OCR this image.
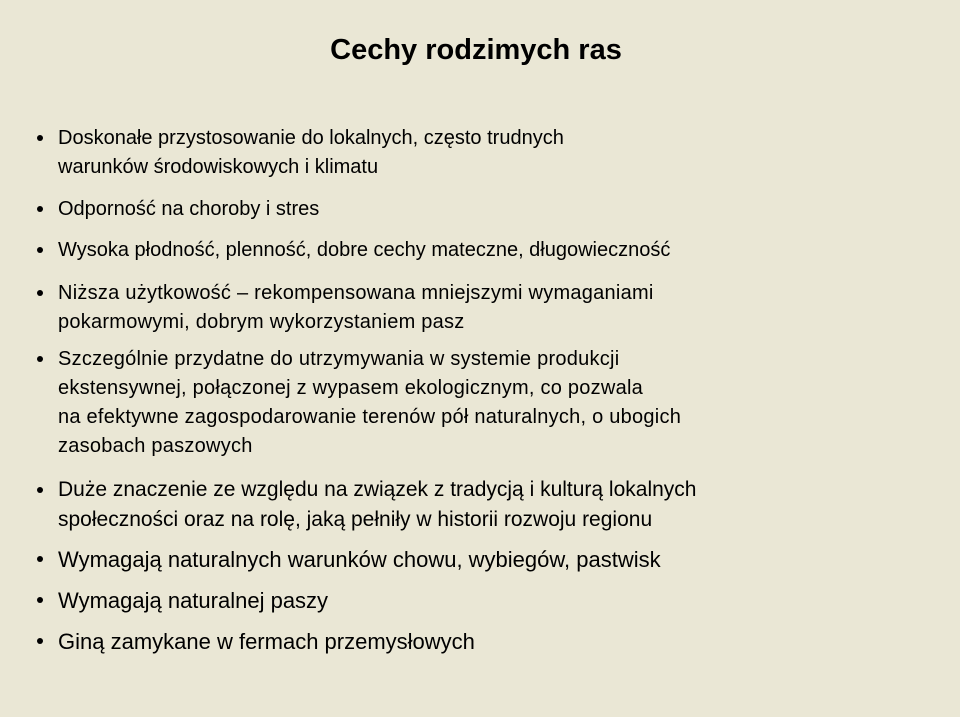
Cechy rodzimych ras
Doskonałe przystosowanie do lokalnych, często trudnych
warunków środowiskowych i klimatu
Odporność na choroby i stres
Wysoka płodność, plenność, dobre cechy mateczne, długowieczność
Niższa użytkowość – rekompensowana mniejszymi wymaganiami
pokarmowymi, dobrym wykorzystaniem pasz
Szczególnie przydatne do utrzymywania w systemie produkcji
ekstensywnej, połączonej z wypasem ekologicznym, co pozwala
na efektywne zagospodarowanie terenów pół naturalnych, o ubogich
zasobach paszowych
Duże znaczenie ze względu na związek z tradycją i kulturą lokalnych
społeczności oraz na rolę, jaką pełniły w historii rozwoju regionu
Wymagają naturalnych warunków chowu, wybiegów, pastwisk
Wymagają naturalnej paszy
Giną zamykane w fermach przemysłowych
